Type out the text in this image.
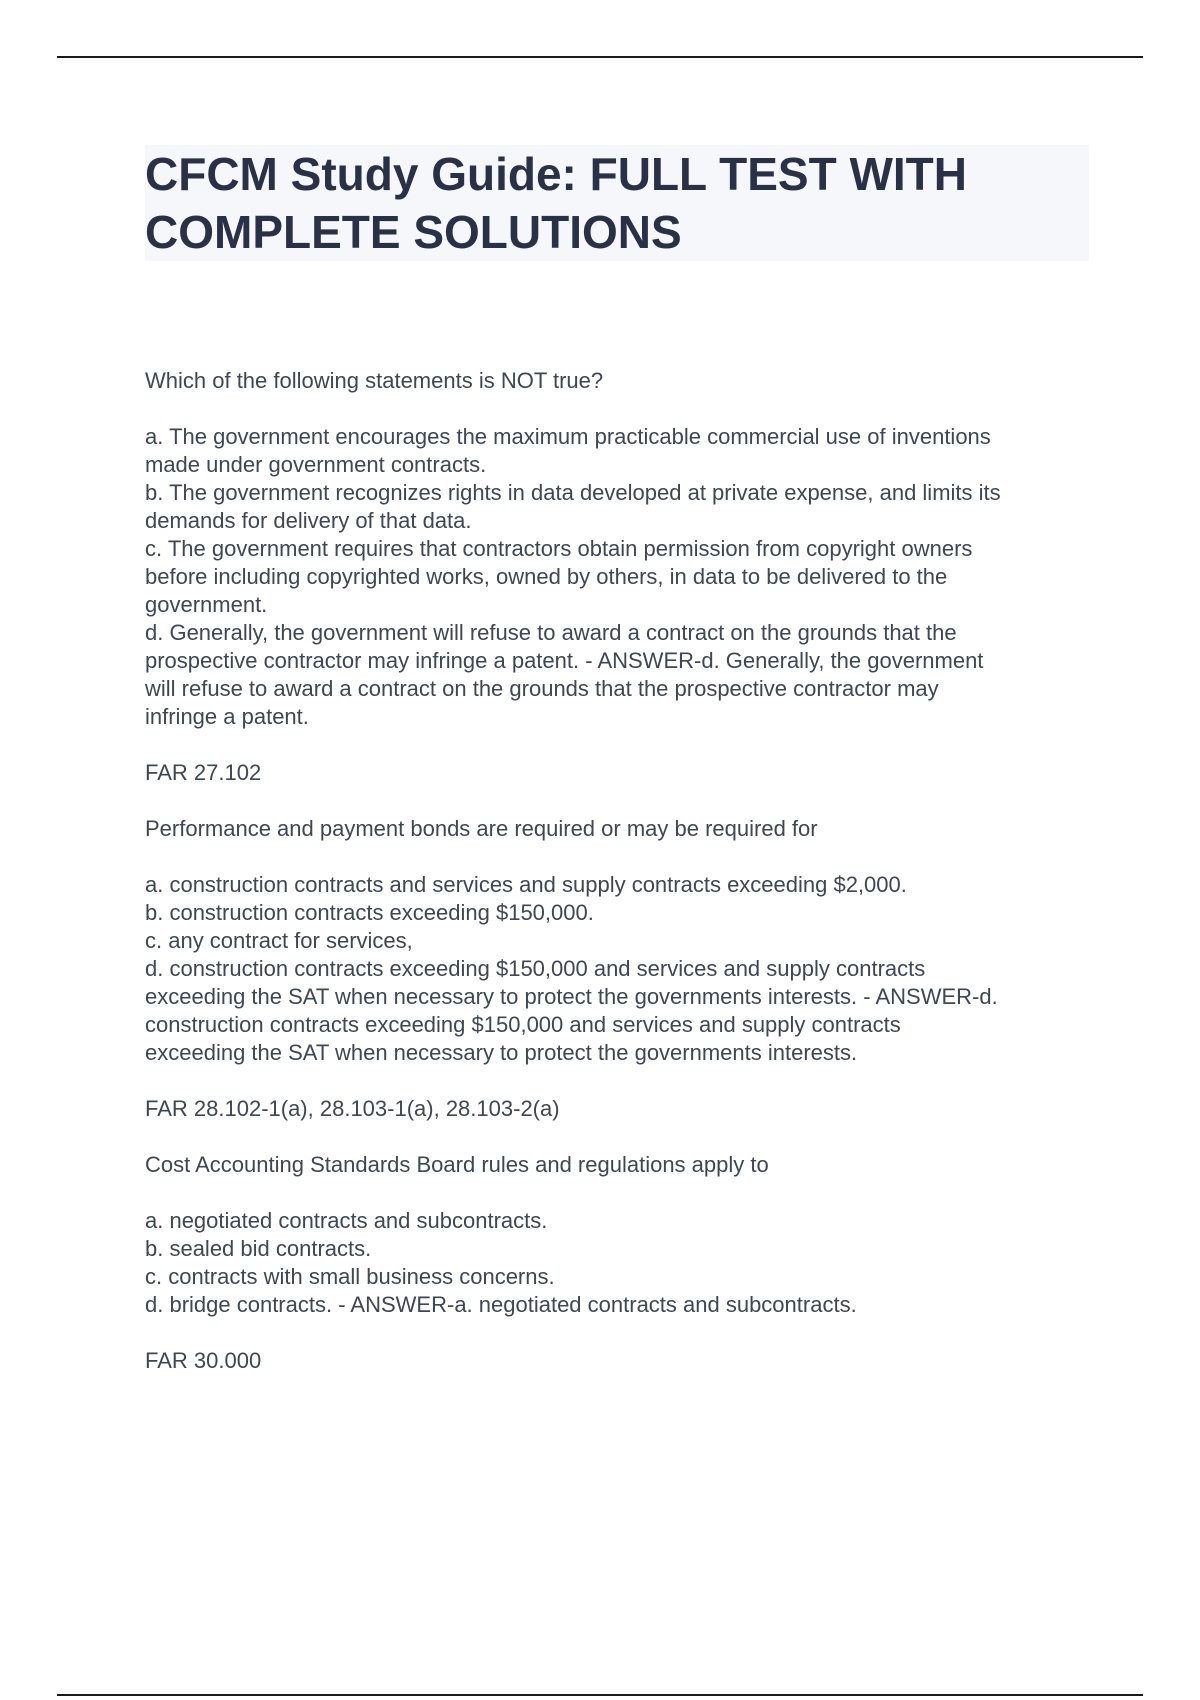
CFCM Study Guide: FULL TEST WITH
COMPLETE SOLUTIONS

Which of the following statements is NOT true?

a. The government encourages the maximum practicable commercial use of inventions
made under government contracts.
b. The government recognizes rights in data developed at private expense, and limits its
demands for delivery of that data.
c. The government requires that contractors obtain permission from copyright owners
before including copyrighted works, owned by others, in data to be delivered to the
government.
d. Generally, the government will refuse to award a contract on the grounds that the
prospective contractor may infringe a patent. - ANSWER-d. Generally, the government
will refuse to award a contract on the grounds that the prospective contractor may
infringe a patent.

FAR 27.102

Performance and payment bonds are required or may be required for

a. construction contracts and services and supply contracts exceeding $2,000.
b. construction contracts exceeding $150,000.
c. any contract for services,
d. construction contracts exceeding $150,000 and services and supply contracts
exceeding the SAT when necessary to protect the governments interests. - ANSWER-d.
construction contracts exceeding $150,000 and services and supply contracts
exceeding the SAT when necessary to protect the governments interests.

FAR 28.102-1(a), 28.103-1(a), 28.103-2(a)

Cost Accounting Standards Board rules and regulations apply to

a. negotiated contracts and subcontracts.
b. sealed bid contracts.
c. contracts with small business concerns.
d. bridge contracts. - ANSWER-a. negotiated contracts and subcontracts.

FAR 30.000
